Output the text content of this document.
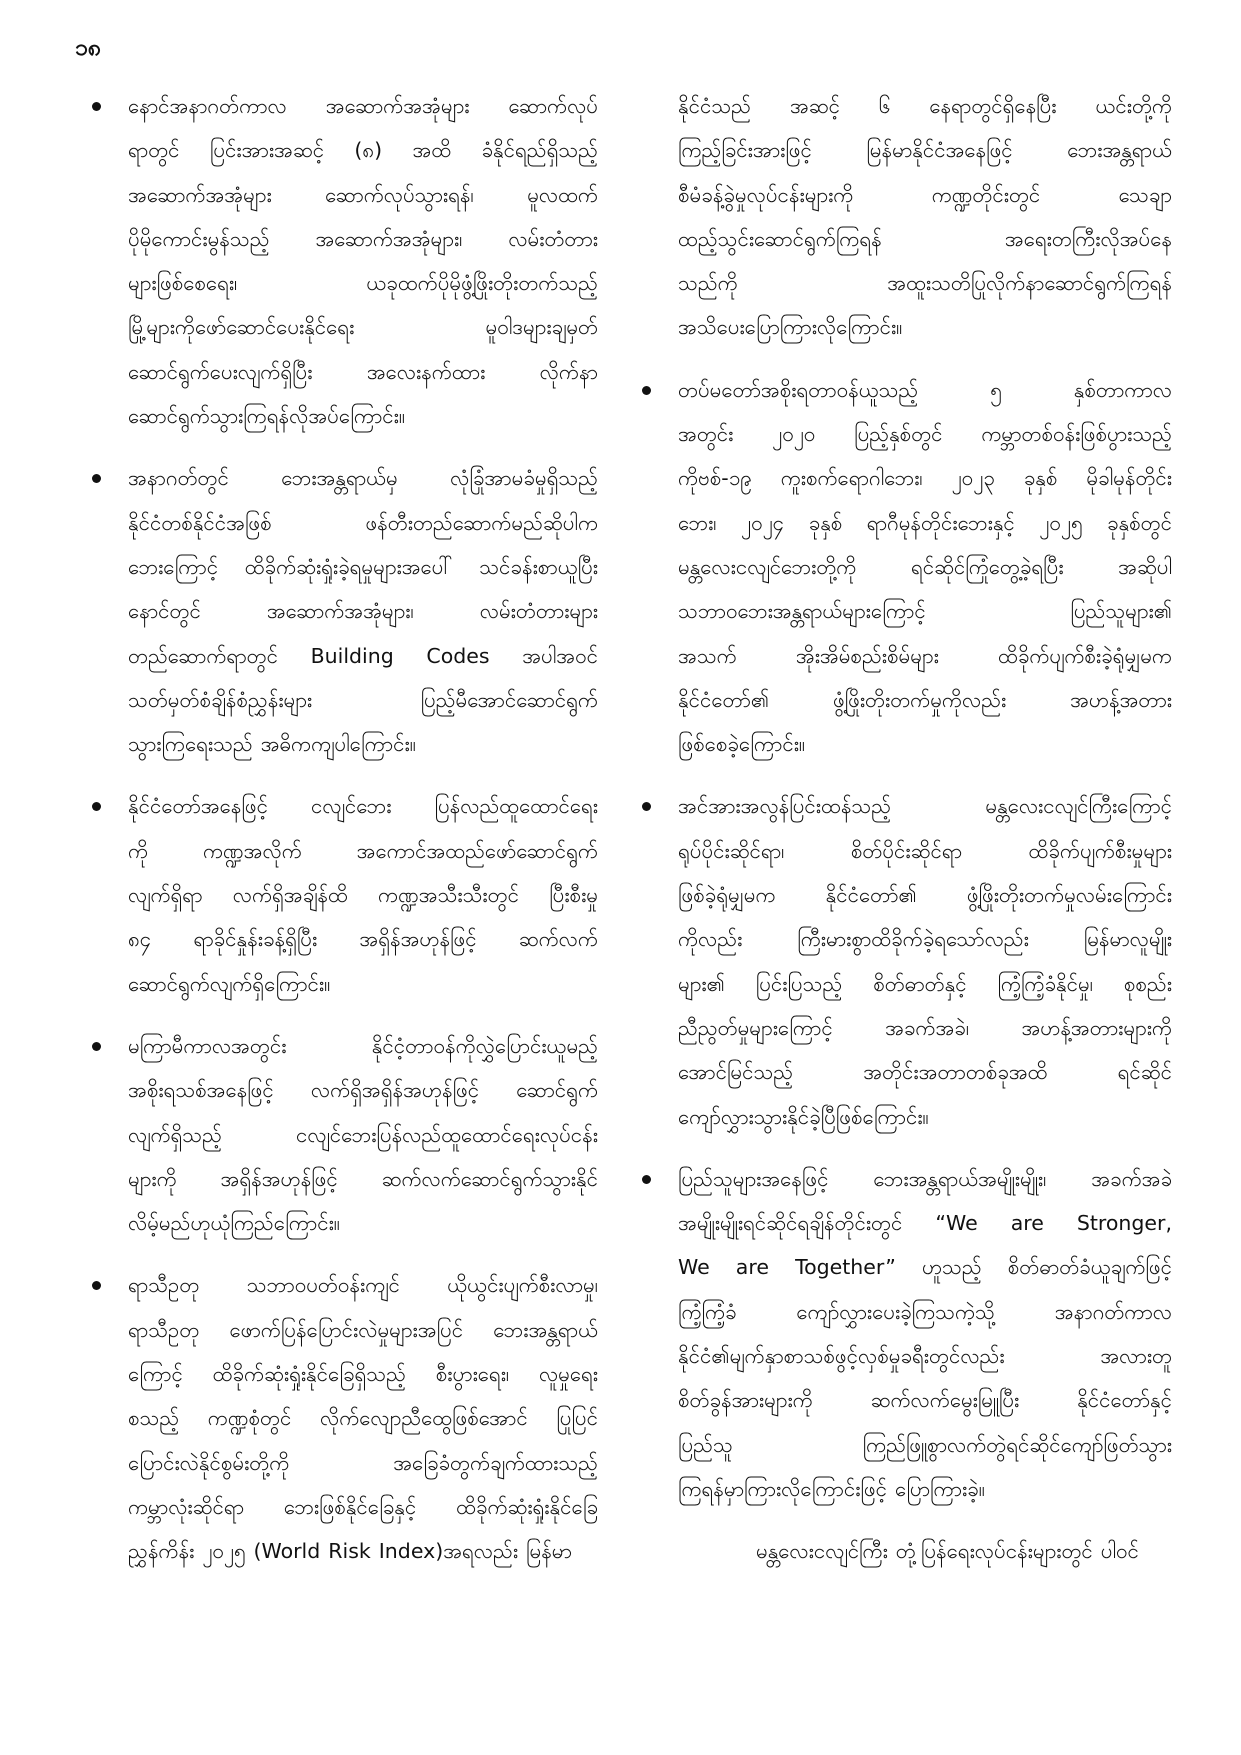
၁၈
နောင်အနာဂတ်ကာလ အဆောက်အအုံများ ဆောက်လုပ်
ရာတွင် ပြင်းအားအဆင့် (၈) အထိ ခံနိုင်ရည်ရှိသည့်
အဆောက်အအုံများ	ဆောက်လုပ်သွားရန်၊	မူလထက်
ပိုမိုကောင်းမွန်သည့် အဆောက်အအုံများ၊ လမ်းတံတား
များဖြစ်စေရေး၊	ယခုထက်ပိုမိုဖွံ့ဖြိုးတိုးတက်သည့်
မြို့များကိုဖော်ဆောင်ပေးနိုင်ရေး	မူဝါဒများချမှတ်
ဆောင်ရွက်ပေးလျက်ရှိပြီး	အလေးနက်ထား	လိုက်နာ
ဆောင်ရွက်သွားကြရန်လိုအပ်ကြောင်း။
အနာဂတ်တွင်	ဘေးအန္တရာယ်မှ	လုံခြုံအာမခံမှုရှိသည့်
နိုင်ငံတစ်နိုင်ငံအဖြစ်	ဖန်တီးတည်ဆောက်မည်ဆိုပါက
ဘေးကြောင့် ထိခိုက်ဆုံးရှုံးခဲ့ရမှုများအပေါ် သင်ခန်းစာယူပြီး
နောင်တွင်	အဆောက်အအုံများ၊	လမ်းတံတားများ
တည်ဆောက်ရာတွင် Building Codes အပါအဝင်
သတ်မှတ်စံချိန်စံညွှန်းများ	ပြည့်မီအောင်ဆောင်ရွက်
သွားကြရေးသည် အဓိကကျပါကြောင်း။
နိုင်ငံတော်အနေဖြင့် ငလျင်ဘေး ပြန်လည်ထူထောင်ရေး
ကို	ကဏ္ဍအလိုက်	အကောင်အထည်ဖော်ဆောင်ရွက်
လျက်ရှိရာ လက်ရှိအချိန်ထိ ကဏ္ဍအသီးသီးတွင် ပြီးစီးမှု
၈၄ ရာခိုင်နှုန်းခန့်ရှိပြီး အရှိန်အဟုန်ဖြင့် ဆက်လက်
ဆောင်ရွက်လျက်ရှိကြောင်း။
မကြာမီကာလအတွင်း	နိုင်ငံ့တာဝန်ကိုလွှဲပြောင်းယူမည့်
အစိုးရသစ်အနေဖြင့် လက်ရှိအရှိန်အဟုန်ဖြင့် ဆောင်ရွက်
လျက်ရှိသည့်	ငလျင်ဘေးပြန်လည်ထူထောင်ရေးလုပ်ငန်း
များကို အရှိန်အဟုန်ဖြင့် ဆက်လက်ဆောင်ရွက်သွားနိုင်
လိမ့်မည်ဟုယုံကြည်ကြောင်း။
ရာသီဥတု သဘာဝပတ်ဝန်းကျင် ယိုယွင်းပျက်စီးလာမှု၊
ရာသီဥတု ဖောက်ပြန်ပြောင်းလဲမှုများအပြင် ဘေးအန္တရာယ်
ကြောင့် ထိခိုက်ဆုံးရှုံးနိုင်ခြေရှိသည့် စီးပွားရေး၊ လူမှုရေး
စသည့် ကဏ္ဍစုံတွင် လိုက်လျောညီထွေဖြစ်အောင် ပြုပြင်
ပြောင်းလဲနိုင်စွမ်းတို့ကို	အခြေခံတွက်ချက်ထားသည့်
ကမ္ဘာလုံးဆိုင်ရာ ဘေးဖြစ်နိုင်ခြေနှင့် ထိခိုက်ဆုံးရှုံးနိုင်ခြေ
ညွှန်ကိန်း ၂၀၂၅ (World Risk Index)အရလည်း မြန်မာ
နိုင်ငံသည် အဆင့် ၆ နေရာတွင်ရှိနေပြီး ယင်းတို့ကို
ကြည့်ခြင်းအားဖြင့်	မြန်မာနိုင်ငံအနေဖြင့်	ဘေးအန္တရာယ်
စီမံခန့်ခွဲမှုလုပ်ငန်းများကို	ကဏ္ဍတိုင်းတွင်	သေချာ
ထည့်သွင်းဆောင်ရွက်ကြရန်	အရေးတကြီးလိုအပ်နေ
သည်ကို	အထူးသတိပြုလိုက်နာဆောင်ရွက်ကြရန်
အသိပေးပြောကြားလိုကြောင်း။
တပ်မတော်အစိုးရတာဝန်ယူသည့်	၅	နှစ်တာကာလ
အတွင်း ၂၀၂၀ ပြည့်နှစ်တွင် ကမ္ဘာတစ်ဝန်းဖြစ်ပွားသည့်
ကိုဗစ်-၁၉ ကူးစက်ရောဂါဘေး၊ ၂၀၂၃ ခုနှစ် မိုခါမုန်တိုင်း
ဘေး၊ ၂၀၂၄ ခုနှစ် ရာဂီမုန်တိုင်းဘေးနှင့် ၂၀၂၅ ခုနှစ်တွင်
မန္တလေးငလျင်ဘေးတို့ကို	ရင်ဆိုင်ကြုံတွေ့ခဲ့ရပြီး	အဆိုပါ
သဘာဝဘေးအန္တရာယ်များကြောင့်	ပြည်သူများ၏
အသက်	အိုးအိမ်စည်းစိမ်များ	ထိခိုက်ပျက်စီးခဲ့ရုံမျှမက
နိုင်ငံတော်၏	ဖွံ့ဖြိုးတိုးတက်မှုကိုလည်း	အဟန့်အတား
ဖြစ်စေခဲ့ကြောင်း။
အင်အားအလွန်ပြင်းထန်သည့်	မန္တလေးငလျင်ကြီးကြောင့်
ရုပ်ပိုင်းဆိုင်ရာ၊	စိတ်ပိုင်းဆိုင်ရာ	ထိခိုက်ပျက်စီးမှုများ
ဖြစ်ခဲ့ရုံမျှမက နိုင်ငံတော်၏ ဖွံ့ဖြိုးတိုးတက်မှုလမ်းကြောင်း
ကိုလည်း	ကြီးမားစွာထိခိုက်ခဲ့ရသော်လည်း	မြန်မာလူမျိုး
များ၏ ပြင်းပြသည့် စိတ်ဓာတ်နှင့် ကြံ့ကြံ့ခံနိုင်မှု၊ စုစည်း
ညီညွတ်မှုများကြောင့်	အခက်အခဲ၊	အဟန့်အတားများကို
အောင်မြင်သည့်	အတိုင်းအတာတစ်ခုအထိ	ရင်ဆိုင်
ကျော်လွှားသွားနိုင်ခဲ့ပြီဖြစ်ကြောင်း။
ပြည်သူများအနေဖြင့် ဘေးအန္တရာယ်အမျိုးမျိုး၊ အခက်အခဲ
အမျိုးမျိုးရင်ဆိုင်ရချိန်တိုင်းတွင် “We are Stronger,
We are Together” ဟူသည့် စိတ်ဓာတ်ခံယူချက်ဖြင့်
ကြံ့ကြံ့ခံ	ကျော်လွှားပေးခဲ့ကြသကဲ့သို့	အနာဂတ်ကာလ
နိုင်ငံ၏မျက်နှာစာသစ်ဖွင့်လှစ်မှုခရီးတွင်လည်း	အလားတူ
စိတ်ခွန်အားများကို	ဆက်လက်မွေးမြူပြီး	နိုင်ငံတော်နှင့်
ပြည်သူ	ကြည်ဖြူစွာလက်တွဲရင်ဆိုင်ကျော်ဖြတ်သွား
ကြရန်မှာကြားလိုကြောင်းဖြင့် ပြောကြားခဲ့။
မန္တလေးငလျင်ကြီး တုံ့ပြန်ရေးလုပ်ငန်းများတွင် ပါဝင်
